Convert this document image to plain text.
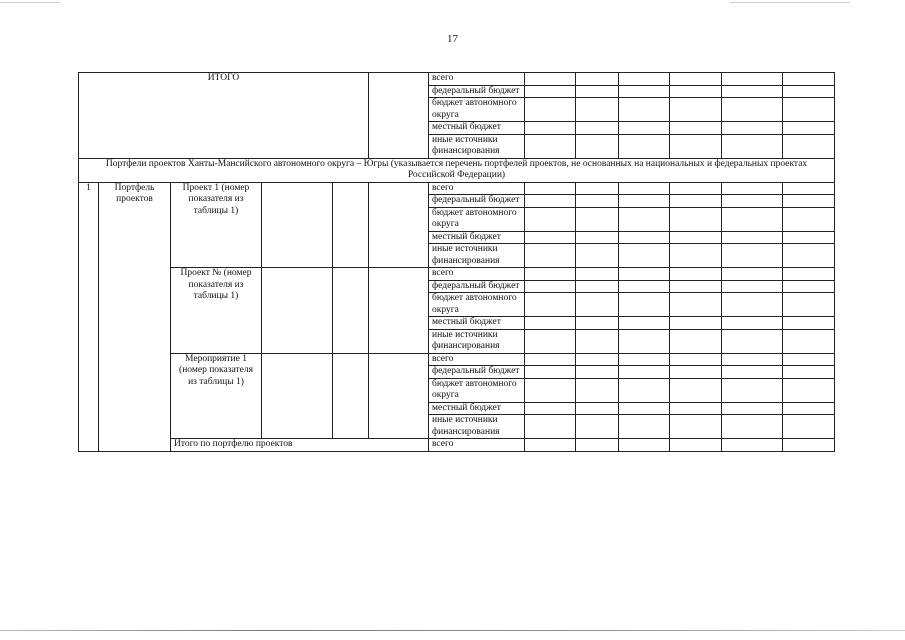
17
ИТОГО						всего						
						федеральный бюджет						
						бюджет автономного округа						
						местный бюджет						
						иные источники финансирования						
Портфели проектов Ханты-Мансийского автономного округа – Югры (указывается перечень портфелей проектов, не основанных на национальных и федеральных проектах Российской Федерации)												
1	Портфель проектов	Проект 1 (номер показателя из таблицы 1)				всего						
						федеральный бюджет						
						бюджет автономного округа						
						местный бюджет						
						иные источники финансирования						
		Проект № (номер показателя из таблицы 1)				всего						
						федеральный бюджет						
						бюджет автономного округа						
						местный бюджет						
						иные источники финансирования						
		Мероприятие 1 (номер показателя из таблицы 1)				всего						
						федеральный бюджет						
						бюджет автономного округа						
						местный бюджет						
						иные источники финансирования						
		Итого по портфелю проектов				всего						
